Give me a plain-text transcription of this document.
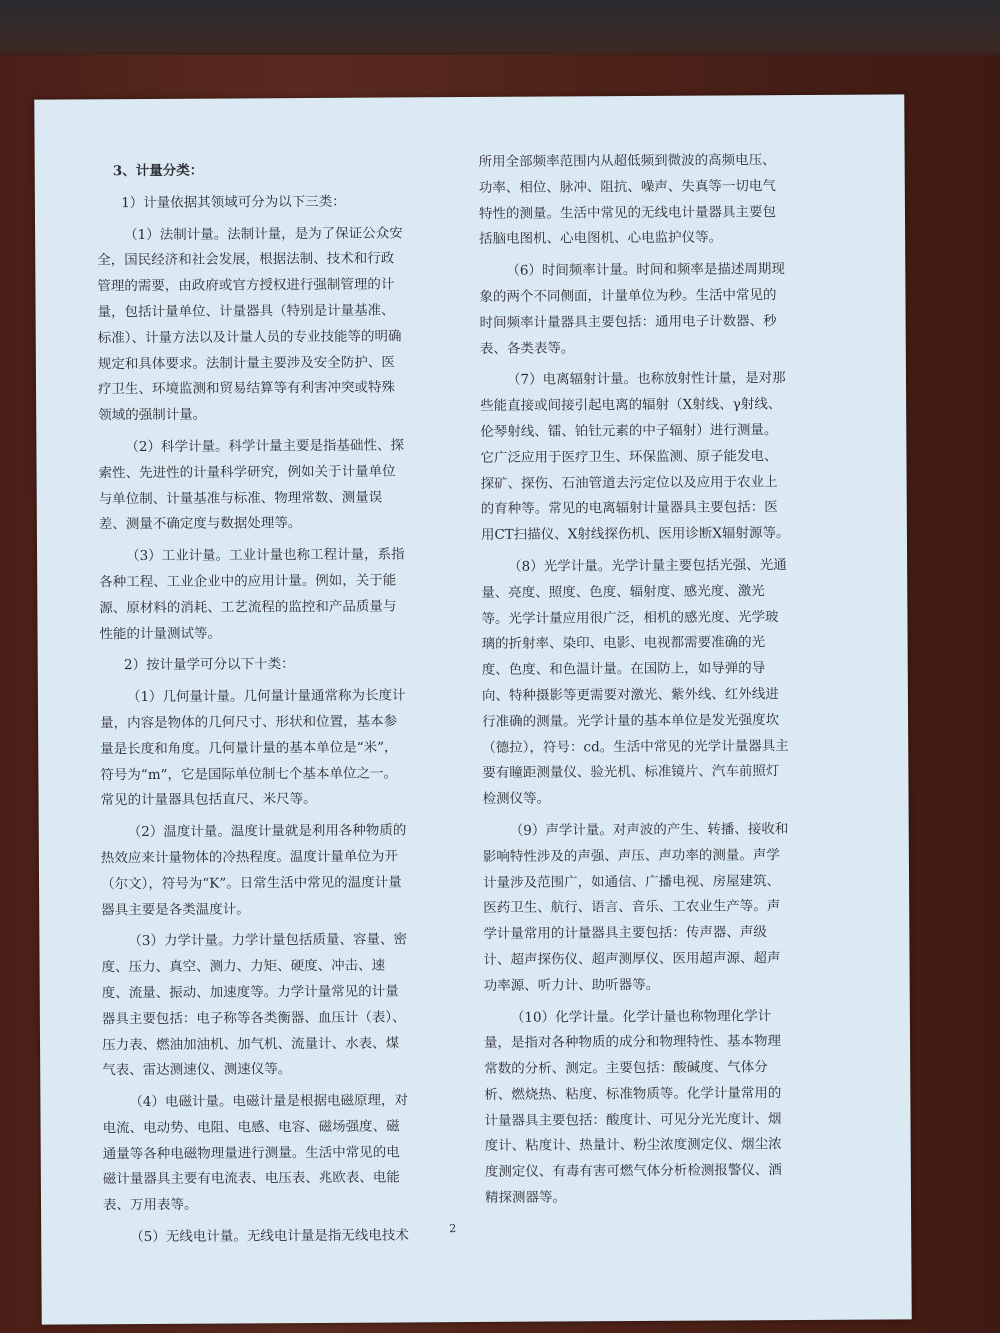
3、计量分类：

1）计量依据其领域可分为以下三类：

（1）法制计量。法制计量，是为了保证公众安全，国民经济和社会发展，根据法制、技术和行政管理的需要，由政府或官方授权进行强制管理的计量，包括计量单位、计量器具（特别是计量基准、标准）、计量方法以及计量人员的专业技能等的明确规定和具体要求。法制计量主要涉及安全防护、医疗卫生、环境监测和贸易结算等有利害冲突或特殊领域的强制计量。

（2）科学计量。科学计量主要是指基础性、探索性、先进性的计量科学研究，例如关于计量单位与单位制、计量基准与标准、物理常数、测量误差、测量不确定度与数据处理等。

（3）工业计量。工业计量也称工程计量，系指各种工程、工业企业中的应用计量。例如，关于能源、原材料的消耗、工艺流程的监控和产品质量与性能的计量测试等。

2）按计量学可分以下十类：

（1）几何量计量。几何量计量通常称为长度计量，内容是物体的几何尺寸、形状和位置，基本参量是长度和角度。几何量计量的基本单位是“米”，符号为“m”，它是国际单位制七个基本单位之一。常见的计量器具包括直尺、米尺等。

（2）温度计量。温度计量就是利用各种物质的热效应来计量物体的冷热程度。温度计量单位为开（尔文），符号为“K”。日常生活中常见的温度计量器具主要是各类温度计。

（3）力学计量。力学计量包括质量、容量、密度、压力、真空、测力、力矩、硬度、冲击、速度、流量、振动、加速度等。力学计量常见的计量器具主要包括：电子称等各类衡器、血压计（表）、压力表、燃油加油机、加气机、流量计、水表、煤气表、雷达测速仪、测速仪等。

（4）电磁计量。电磁计量是根据电磁原理，对电流、电动势、电阻、电感、电容、磁场强度、磁通量等各种电磁物理量进行测量。生活中常见的电磁计量器具主要有电流表、电压表、兆欧表、电能表、万用表等。

（5）无线电计量。无线电计量是指无线电技术

所用全部频率范围内从超低频到微波的高频电压、功率、相位、脉冲、阻抗、噪声、失真等一切电气特性的测量。生活中常见的无线电计量器具主要包括脑电图机、心电图机、心电监护仪等。

（6）时间频率计量。时间和频率是描述周期现象的两个不同侧面，计量单位为秒。生活中常见的时间频率计量器具主要包括：通用电子计数器、秒表、各类表等。

（7）电离辐射计量。也称放射性计量，是对那些能直接或间接引起电离的辐射（X射线、γ射线、伦琴射线、镭、铂钍元素的中子辐射）进行测量。它广泛应用于医疗卫生、环保监测、原子能发电、探矿、探伤、石油管道去污定位以及应用于农业上的育种等。常见的电离辐射计量器具主要包括：医用CT扫描仪、X射线探伤机、医用诊断X辐射源等。

（8）光学计量。光学计量主要包括光强、光通量、亮度、照度、色度、辐射度、感光度、激光等。光学计量应用很广泛，相机的感光度、光学玻璃的折射率、染印、电影、电视都需要准确的光度、色度、和色温计量。在国防上，如导弹的导向、特种摄影等更需要对激光、紫外线、红外线进行准确的测量。光学计量的基本单位是发光强度坎（德拉），符号：cd。生活中常见的光学计量器具主要有瞳距测量仪、验光机、标准镜片、汽车前照灯检测仪等。

（9）声学计量。对声波的产生、转播、接收和影响特性涉及的声强、声压、声功率的测量。声学计量涉及范围广，如通信、广播电视、房屋建筑、医药卫生、航行、语言、音乐、工农业生产等。声学计量常用的计量器具主要包括：传声器、声级计、超声探伤仪、超声测厚仪、医用超声源、超声功率源、听力计、助听器等。

（10）化学计量。化学计量也称物理化学计量，是指对各种物质的成分和物理特性、基本物理常数的分析、测定。主要包括：酸碱度、气体分析、燃烧热、粘度、标准物质等。化学计量常用的计量器具主要包括：酸度计、可见分光光度计、烟度计、粘度计、热量计、粉尘浓度测定仪、烟尘浓度测定仪、有毒有害可燃气体分析检测报警仪、酒精探测器等。

2
